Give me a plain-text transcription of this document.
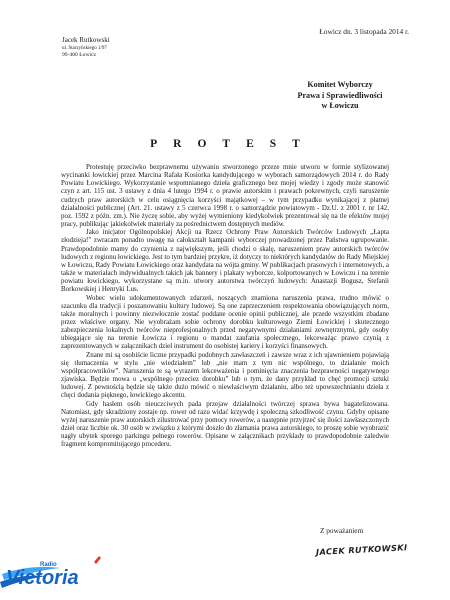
Łowicz dn. 3 listopada 2014 r.
Jacek Rutkowski
ul. Starzyńskiego 1/97
99-400 Łowicz
Komitet Wyborczy
Prawa i Sprawiedliwości
w Łowiczu
PROTEST

Protestuję przeciwko bezprawnemu używaniu stworzonego przeze mnie utworu w formie stylizowanej wycinanki łowickiej przez Marcina Rafała Kosiorka kandydującego w wyborach samorządowych 2014 r. do Rady Powiatu Łowickiego. Wykorzystanie wspomnianego dzieła graficznego bez mojej wiedzy i zgody może stanowić czyn z art. 115 ust. 3 ustawy z dnia 4 lutego 1994 r. o prawie autorskim i prawach pokrewnych, czyli naruszenie cudzych praw autorskich w celu osiągnięcia korzyści majątkowej – w tym przypadku wynikającej z płatnej działalności publicznej (Art. 21. ustawy z 5 czerwca 1998 r. o samorządzie powiatowym - Dz.U. z 2001 r. nr 142, poz. 1592 z późn. zm.). Nie życzę sobie, aby wyżej wymieniony kiedykolwiek prezentował się na tle efektów mojej pracy, publikując jakiekolwiek materiały za pośrednictwem dostępnych mediów.

Jako inicjator Ogólnopolskiej Akcji na Rzecz Ochrony Praw Autorskich Twórców Ludowych „Łapta złodzieja!" zwracam ponadto uwagę na całokształt kampanii wyborczej prowadzonej przez Państwa ugrupowanie. Prawdopodobnie mamy do czynienia z największym, jeśli chodzi o skalę, naruszeniem praw autorskich twórców ludowych z regionu łowickiego. Jest to tym bardziej przykre, iż dotyczy to niektórych kandydatów do Rady Miejskiej w Łowiczu, Rady Powiatu Łowickiego oraz kandydata na wójta gminy. W publikacjach prasowych i internetowych, a także w materiałach indywidualnych takich jak bannery i plakaty wyborcze, kolportowanych w Łowiczu i na terenie powiatu łowickiego, wykorzystane są m.in. utwory autorstwa twórczyń ludowych: Anastazji Bogusz, Stefanii Borkowskiej i Henryki Lus.

Wobec wielu udokumentowanych zdarzeń, noszących znamiona naruszenia prawa, trudno mówić o szacunku dla tradycji i poszanowaniu kultury ludowej. Są one zaprzeczeniem respektowania obowiązujących norm, także moralnych i powinny niezwłocznie zostać poddane ocenie opinii publicznej, ale przede wszystkim zbadane przez właściwe organy. Nie wyobrażam sobie ochrony dorobku kulturowego Ziemi Łowickiej i skutecznego zabezpieczenia lokalnych twórców nieprofesjonalnych przed negatywnymi działaniami zewnętrznymi, gdy osoby ubiegające się na terenie Łowicza i regionu o mandat zaufania społecznego, lekceważąc prawo czynią z zaprezentowanych w załącznikach dzieł instrument do osobistej kariery i korzyści finansowych.

Znane mi są osobiście liczne przypadki podobnych zawłaszczeń i zawsze wraz z ich ujawnieniem pojawiają się tłumaczenia w stylu „nie wiedziałem” lub „nie mam z tym nic wspólnego, to działanie moich współpracowników”. Naruszenia te są wyrazem lekceważenia i pominięcia znaczenia bezprawności negatywnego zjawiska. Będzie mowa o „wspólnego przeciez dorobku” lub o tym, że dany przykład to chęć promocji sztuki ludowej. Z pewnością będzie się także dużo mówić o niewłaściwym działaniu, albo też upowszechnianiu dzieła z chęci dodania pięknego, łowickiego akcentu.

Gdy hasłem osób nieuczciwych pada przejaw działalności twórczej sprawa bywa bagatelizowana. Natomiast, gdy skradziony zostaje np. rower od razu widać krzywdę i społeczną szkodliwość czynu. Gdyby opisane wyżej naruszenie praw autorskich zilustrować przy pomocy rowerów, a następnie przyjrzeć się ilości zawłaszczonych dzieł oraz liczbie ok. 30 osób w związku z którymi doszło do złamania prawa autorskiego, to proszę sobie wyobrazić nagły ubytek sporego parkingu pełnego rowerów. Opisane w załącznikach przykłady to prawdopodobnie zaledwie fragment kompromitującego procederu.

Z poważaniem
JACEK RUTKOWSKI
Radio
Victoria
